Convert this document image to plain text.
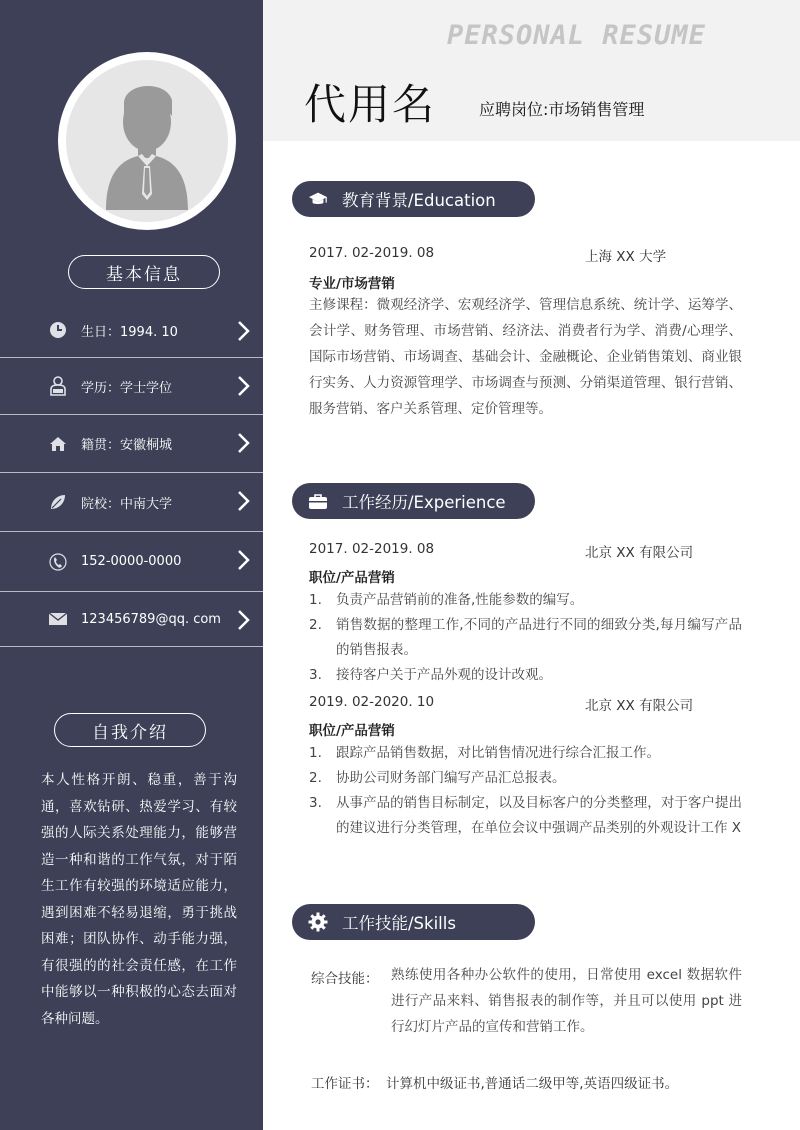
基本信息
生日：1994. 10
学历：学士学位
籍贯：安徽桐城
院校：中南大学
152-0000-0000
123456789@qq. com
自我介绍
本人性格开朗、稳重，善于沟通，喜欢钻研、热爱学习、有较强的人际关系处理能力，能够营造一种和谐的工作气氛，对于陌生工作有较强的环境适应能力，遇到困难不轻易退缩，勇于挑战困难；团队协作、动手能力强，有很强的的社会责任感，在工作中能够以一种积极的心态去面对各种问题。
PERSONAL RESUME
代用名	应聘岗位:市场销售管理
教育背景/Education
2017. 02-2019. 08	上海 XX 大学
专业/市场营销
主修课程：微观经济学、宏观经济学、管理信息系统、统计学、运筹学、会计学、财务管理、市场营销、经济法、消费者行为学、消费/心理学、国际市场营销、市场调查、基础会计、金融概论、企业销售策划、商业银行实务、人力资源管理学、市场调查与预测、分销渠道管理、银行营销、服务营销、客户关系管理、定价管理等。
工作经历/Experience
2017. 02-2019. 08	北京 XX 有限公司
职位/产品营销
1. 负责产品营销前的准备,性能参数的编写。
2. 销售数据的整理工作,不同的产品进行不同的细致分类,每月编写产品的销售报表。
3. 接待客户关于产品外观的设计改观。
2019. 02-2020. 10	北京 XX 有限公司
职位/产品营销
1. 跟踪产品销售数据，对比销售情况进行综合汇报工作。
2. 协助公司财务部门编写产品汇总报表。
3. 从事产品的销售目标制定，以及目标客户的分类整理，对于客户提出的建议进行分类管理，在单位会议中强调产品类别的外观设计工作 X
工作技能/Skills
综合技能： 熟练使用各种办公软件的使用，日常使用 excel 数据软件进行产品来料、销售报表的制作等，并且可以使用 ppt 进行幻灯片产品的宣传和营销工作。
工作证书： 计算机中级证书,普通话二级甲等,英语四级证书。
